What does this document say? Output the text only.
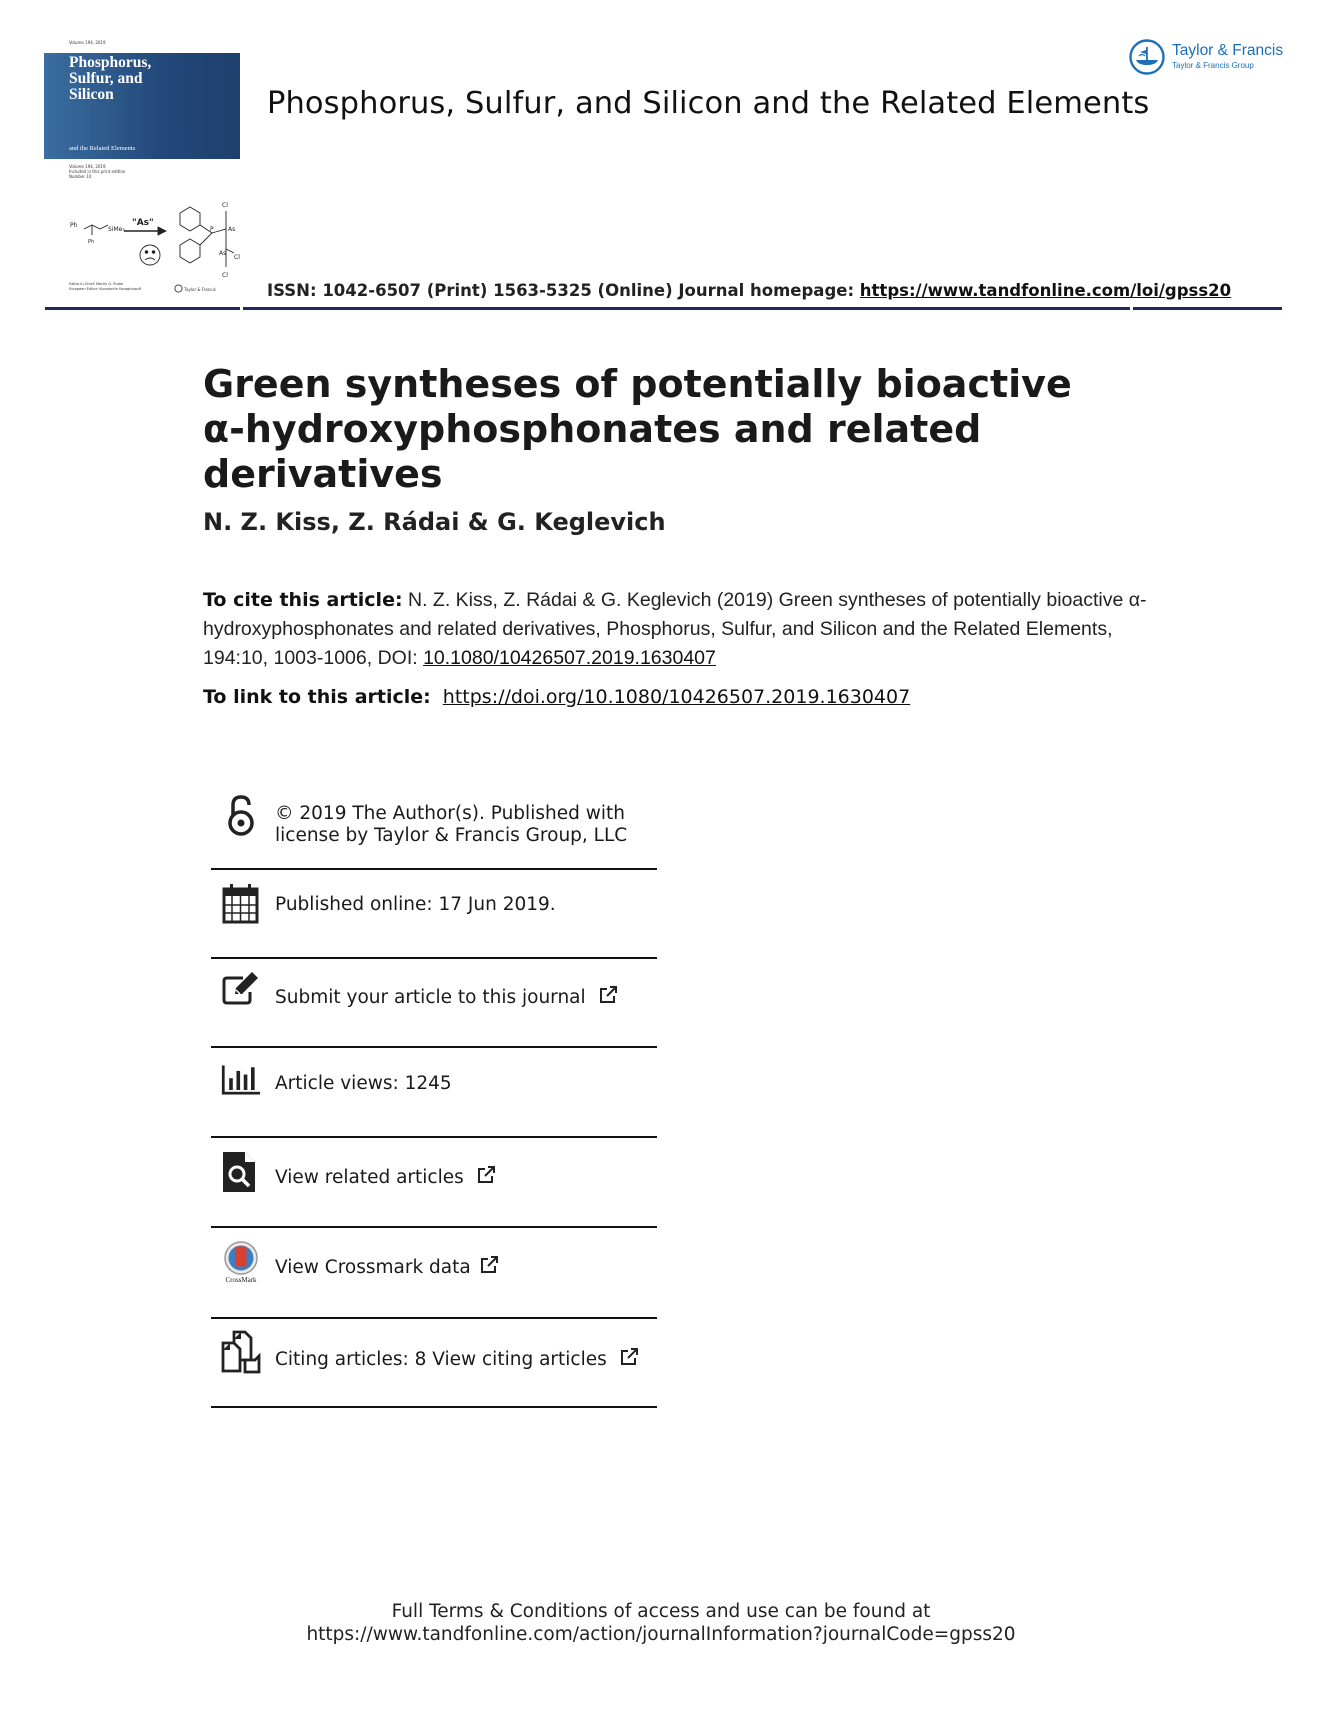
Volume 194, 2019
Phosphorus,
Sulfur, and
Silicon
and the Related Elements
Volume 194, 2019
Included in this print edition
Number 10
Ph
SiMe₃
Ph
Cl
As
As
Cl
Cl
P
"As"
Editor-in-Chief: Martin G. Ruddi
European Editor: Konstantin Karaghiosoff	Taylor & Francis
Phosphorus, Sulfur, and Silicon and the Related Elements
Taylor & Francis
Taylor & Francis Group
ISSN: 1042-6507 (Print) 1563-5325 (Online) Journal homepage: https://www.tandfonline.com/loi/gpss20
Green syntheses of potentially bioactive α-hydroxyphosphonates and related derivatives
N. Z. Kiss, Z. Rádai & G. Keglevich
To cite this article: N. Z. Kiss, Z. Rádai & G. Keglevich (2019) Green syntheses of potentially bioactive α-hydroxyphosphonates and related derivatives, Phosphorus, Sulfur, and Silicon and the Related Elements, 194:10, 1003-1006, DOI: 10.1080/10426507.2019.1630407
To link to this article: https://doi.org/10.1080/10426507.2019.1630407
© 2019 The Author(s). Published with
license by Taylor & Francis Group, LLC
Published online: 17 Jun 2019.
Submit your article to this journal
Article views: 1245
View related articles
CrossMark
View Crossmark data
Citing articles: 8 View citing articles
Full Terms & Conditions of access and use can be found at
https://www.tandfonline.com/action/journalInformation?journalCode=gpss20
